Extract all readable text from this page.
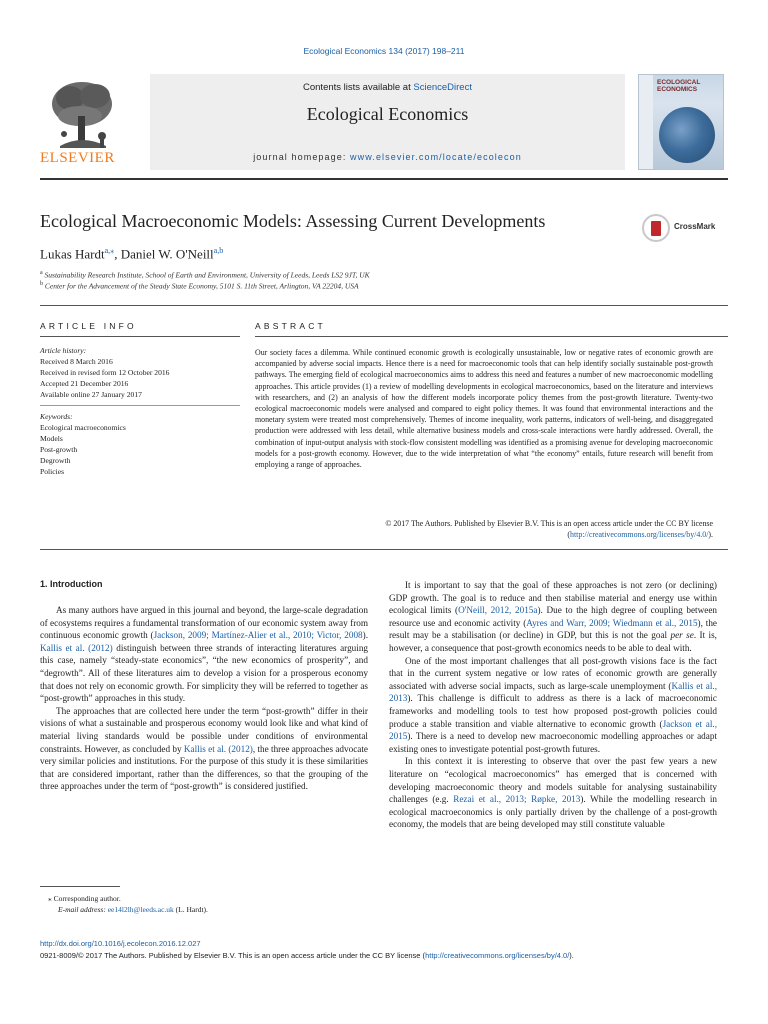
Ecological Economics 134 (2017) 198–211
ELSEVIER
Contents lists available at ScienceDirect
Ecological Economics
journal homepage: www.elsevier.com/locate/ecolecon
ECOLOGICAL ECONOMICS
Ecological Macroeconomic Models: Assessing Current Developments	CrossMark
Lukas Hardt$^{a,⁎}$, Daniel W. O'Neill$^{a,b}$
$^a$ Sustainability Research Institute, School of Earth and Environment, University of Leeds, Leeds LS2 9JT, UK
$^b$ Center for the Advancement of the Steady State Economy, 5101 S. 11th Street, Arlington, VA 22204, USA
ARTICLE INFO
Article history:
Received 8 March 2016
Received in revised form 12 October 2016
Accepted 21 December 2016
Available online 27 January 2017
Keywords:
Ecological macroeconomics
Models
Post-growth
Degrowth
Policies
ABSTRACT
Our society faces a dilemma. While continued economic growth is ecologically unsustainable, low or negative rates of economic growth are accompanied by adverse social impacts. Hence there is a need for macroeconomic tools that can help identify socially sustainable post-growth pathways. The emerging field of ecological macroeconomics aims to address this need and features a number of new macroeconomic modelling approaches. This article provides (1) a review of modelling developments in ecological macroeconomics, based on the literature and interviews with researchers, and (2) an analysis of how the different models incorporate policy themes from the post-growth literature. Twenty-two ecological macroeconomic models were analysed and compared to eight policy themes. It was found that environmental interactions and the monetary system were treated most comprehensively. Themes of income inequality, work patterns, indicators of well-being, and disaggregated production were addressed with less detail, while alternative business models and cross-scale interactions were hardly addressed. Overall, the combination of input-output analysis with stock-flow consistent modelling was identified as a promising avenue for developing macroeconomic models for a post-growth economy. However, due to the wide interpretation of what “the economy” entails, future research will benefit from employing a range of approaches.
© 2017 The Authors. Published by Elsevier B.V. This is an open access article under the CC BY license
(http://creativecommons.org/licenses/by/4.0/).
1. Introduction

As many authors have argued in this journal and beyond, the large-scale degradation of ecosystems requires a fundamental transformation of our economic system away from continuous economic growth (Jackson, 2009; Martínez-Alier et al., 2010; Victor, 2008). Kallis et al. (2012) distinguish between three strands of interacting literatures arguing this case, namely “steady-state economics”, “the new economics of prosperity”, and “degrowth”. All of these literatures aim to develop a vision for a prosperous economy that does not rely on economic growth. For simplicity they will be referred to together as “post-growth” approaches in this study.

The approaches that are collected here under the term “post-growth” differ in their visions of what a sustainable and prosperous economy would look like and what kind of material living standards would be possible under conditions of environmental constraints. However, as concluded by Kallis et al. (2012), the three approaches advocate very similar policies and institutions. For the purpose of this study it is these similarities that are considered important, rather than the differences, so that the grouping of the three approaches under the term of “post-growth” is considered justified.

It is important to say that the goal of these approaches is not zero (or declining) GDP growth. The goal is to reduce and then stabilise material and energy use within ecological limits (O'Neill, 2012, 2015a). Due to the high degree of coupling between resource use and economic activity (Ayres and Warr, 2009; Wiedmann et al., 2015), the result may be a stabilisation (or decline) in GDP, but this is not the goal per se. It is, however, a consequence that post-growth economics needs to be able to deal with.

One of the most important challenges that all post-growth visions face is the fact that in the current system negative or low rates of economic growth are generally associated with adverse social impacts, such as large-scale unemployment (Kallis et al., 2013). This challenge is difficult to address as there is a lack of macroeconomic frameworks and modelling tools to test how proposed post-growth policies could produce a stable transition and viable alternative to economic growth (Jackson et al., 2015). There is a need to develop new macroeconomic modelling approaches or adapt existing ones to investigate potential post-growth futures.

In this context it is interesting to observe that over the past few years a new literature on “ecological macroeconomics” has emerged that is concerned with developing macroeconomic theory and models suitable for analysing sustainability challenges (e.g. Rezai et al., 2013; Røpke, 2013). While the modelling research in ecological macroeconomics is only partially driven by the challenge of a post-growth economy, the models that are being developed may still constitute valuable

⁎ Corresponding author.
E-mail address: ee14l2lh@leeds.ac.uk (L. Hardt).
http://dx.doi.org/10.1016/j.ecolecon.2016.12.027
0921-8009/© 2017 The Authors. Published by Elsevier B.V. This is an open access article under the CC BY license (http://creativecommons.org/licenses/by/4.0/).
